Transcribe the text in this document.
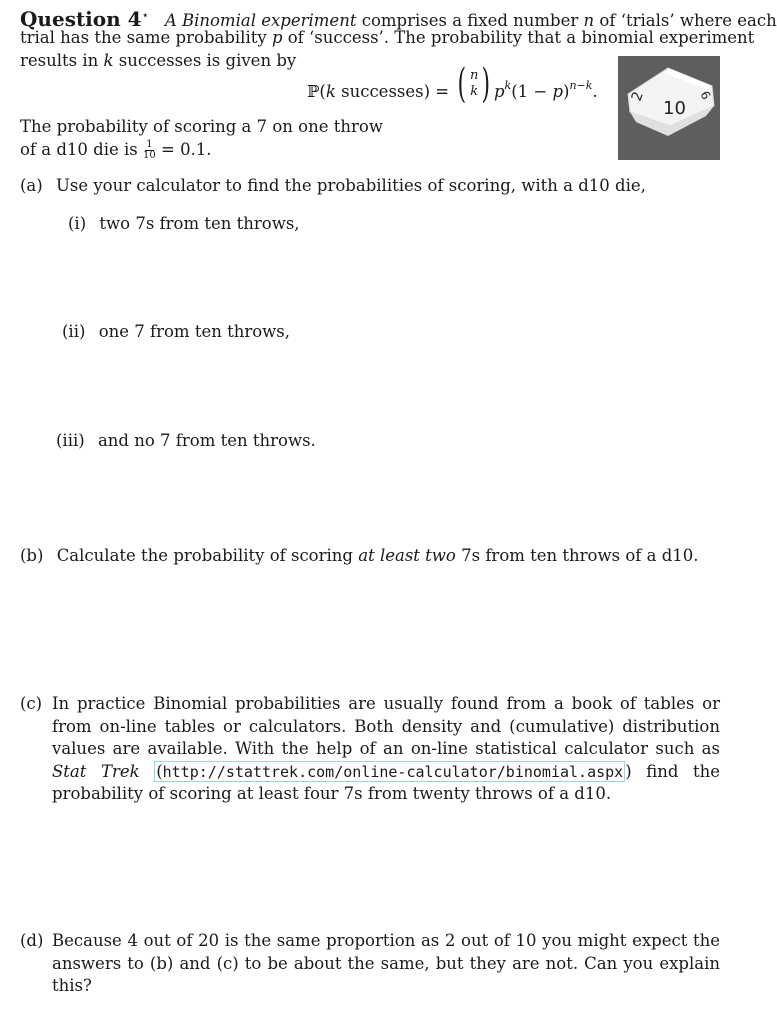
Question 4⋆ A Binomial experiment comprises a fixed number n of ‘trials’ where each
trial has the same probability p of ‘success’. The probability that a binomial experiment
results in k successes is given by
ℙ(k successes) = ( n
k ) $p^k(1 - p)^{n-k}$. 2
10
6
The probability of scoring a 7 on one throw
of a d10 die is $\frac{1}{10} = 0.1$.
(a) Use your calculator to find the probabilities of scoring, with a d10 die,
(i) two 7s from ten throws,
(ii) one 7 from ten throws,
(iii) and no 7 from ten throws.
(b) Calculate the probability of scoring at least two 7s from ten throws of a d10.
(c) In practice Binomial probabilities are usually found from a book of tables or from on-line tables or calculators. Both density and (cumulative) distribution values are available. With the help of an on-line statistical calculator such as Stat Trek (http://stattrek.com/online-calculator/binomial.aspx ) find the probability of scoring at least four 7s from twenty throws of a d10.
(d) Because 4 out of 20 is the same proportion as 2 out of 10 you might expect the answers to (b) and (c) to be about the same, but they are not. Can you explain this?
